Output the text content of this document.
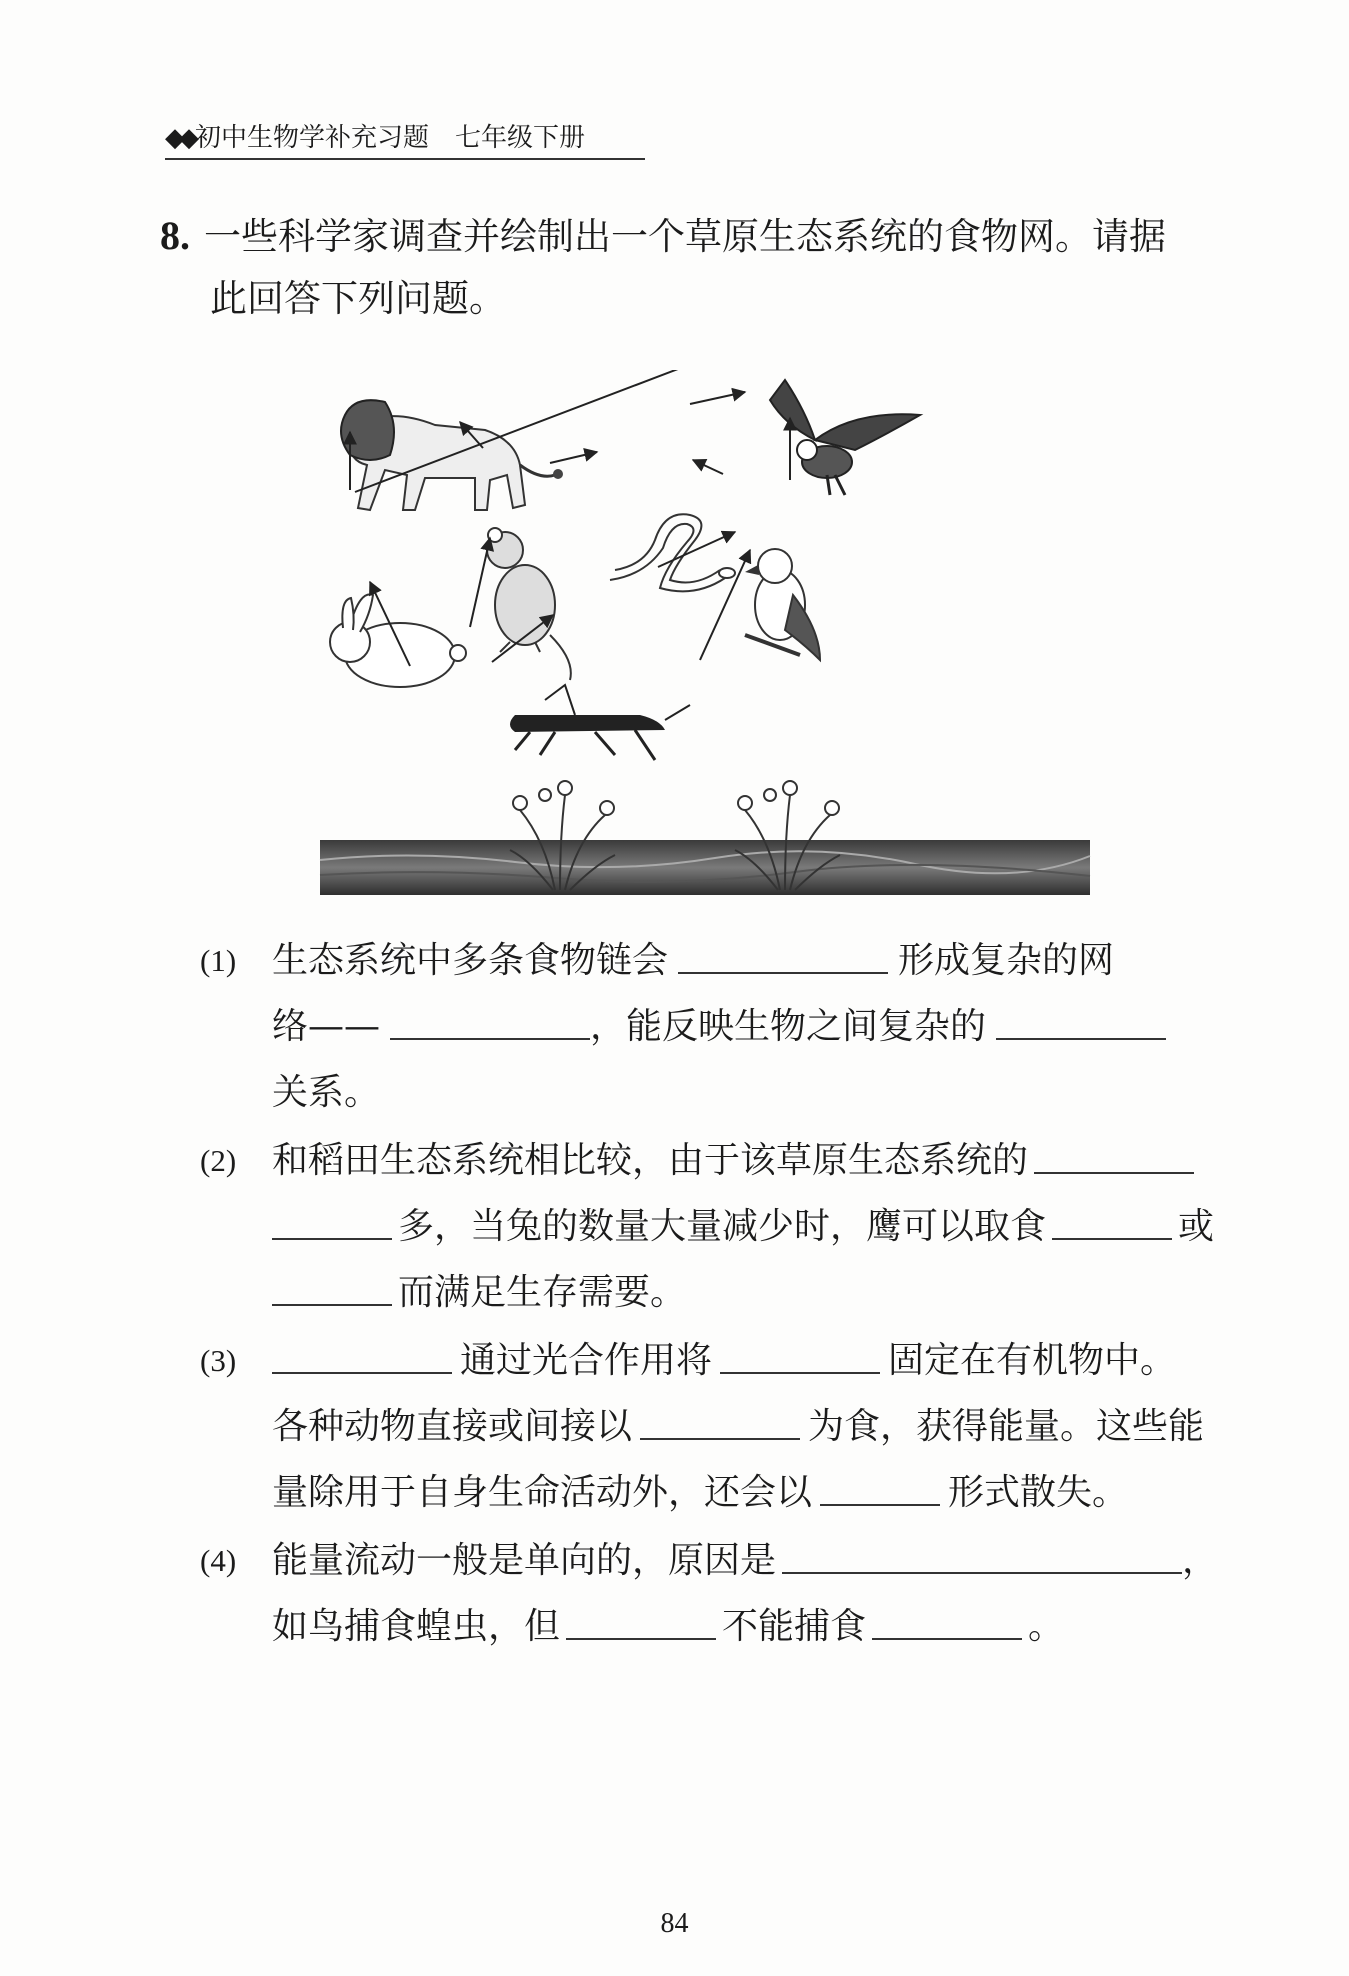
◆◆初中生物学补充习题 七年级下册
8. 一些科学家调查并绘制出一个草原生态系统的食物网。请据
此回答下列问题。
(1) 生态系统中多条食物链会	形成复杂的网
络——	，能反映生物之间复杂的
关系。
(2) 和稻田生态系统相比较，由于该草原生态系统的
多，当兔的数量大量减少时，鹰可以取食	或
而满足生存需要。
(3)	通过光合作用将	固定在有机物中。
各种动物直接或间接以	为食，获得能量。这些能
量除用于自身生命活动外，还会以	形式散失。
(4) 能量流动一般是单向的，原因是	，
如鸟捕食蝗虫，但	不能捕食	。
84
